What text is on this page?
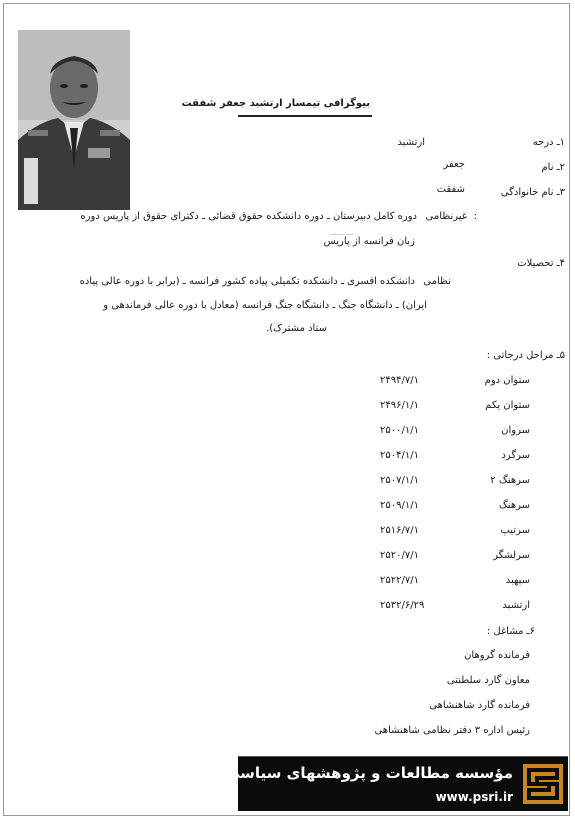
بیوگرافی تیمسار ارتشبد جعفر شفقت
۱ـ درجه
ارتشبد
۲ـ نام
جعفر
۳ـ نام خانوادگی
شفقت
غیرنظامی :
دوره کامل دبیرستان ـ دوره دانشکده حقوق قضائی ـ دکترای حقوق از پاریس دوره
زبان فرانسه از پاریس
ـــــــــ
۴ـ تحصیلات
نظامی
دانشکده افسری ـ دانشکده تکمیلی پیاده کشور فرانسه ـ (برابر با دوره عالی پیاده
ایران) ـ دانشگاه جنگ ـ دانشگاه جنگ فرانسه (معادل با دوره عالی فرماندهی و
ستاد مشترک).
۵ـ مراحل درجاتی :
ستوان دوم
۲۴۹۴/۷/۱
ستوان یکم
۲۴۹۶/۱/۱
سروان
۲۵۰۰/۱/۱
سرگرد
۲۵۰۴/۱/۱
سرهنگ ۲
۲۵۰۷/۱/۱
سرهنگ
۲۵۰۹/۱/۱
سرتیپ
۲۵۱۶/۷/۱
سرلشگر
۲۵۲۰/۷/۱
سپهبد
۲۵۲۲/۷/۱
ارتشبد
۲۵۳۲/۶/۲۹
۶ـ مشاغل :
فرمانده گروهان
معاون گارد سلطنتی
فرمانده گارد شاهنشاهی
رئیس اداره ۳ دفتر نظامی شاهنشاهی
مؤسسه مطالعات و پژوهشهای سیاسی
www.psri.ir
